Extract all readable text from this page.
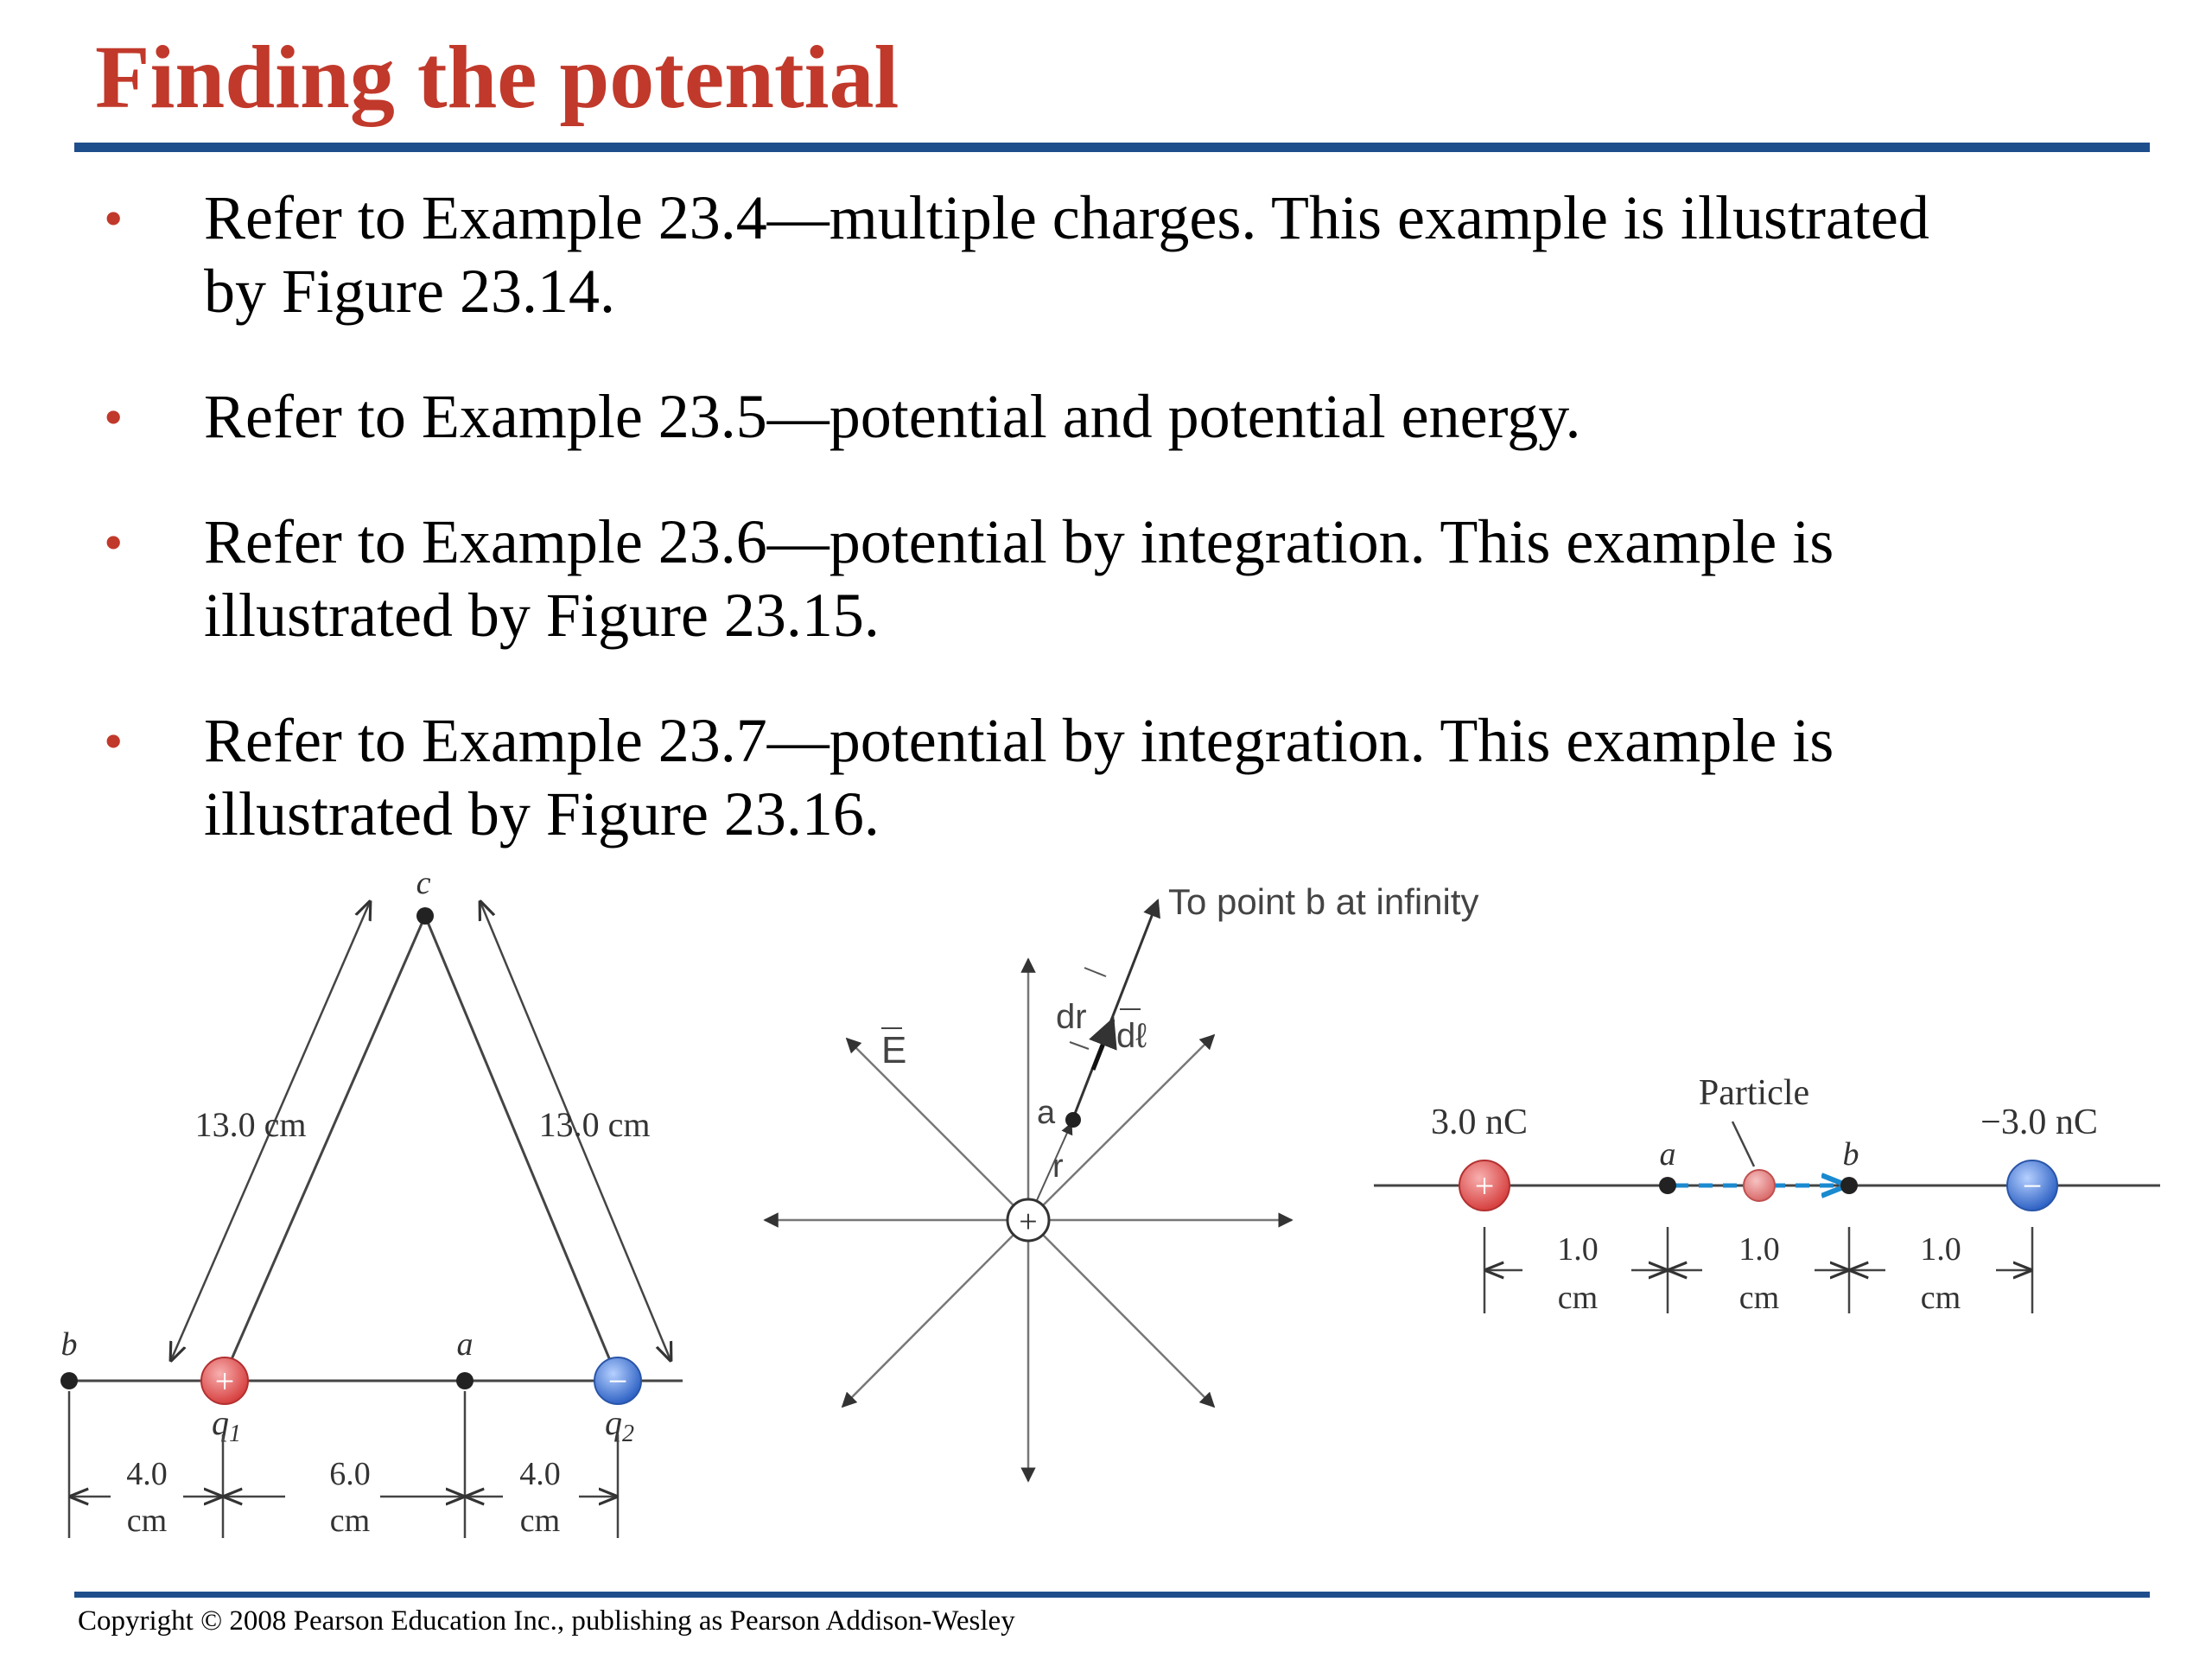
Finding the potential
• Refer to Example 23.4—multiple charges. This example is illustrated
by Figure 23.14.
• Refer to Example 23.5—potential and potential energy.
• Refer to Example 23.6—potential by integration. This example is
illustrated by Figure 23.15.
• Refer to Example 23.7—potential by integration. This example is
illustrated by Figure 23.16.
13.0 cm	13.0 cm
c
b	a
+
$q_1$
−
$q_2$
4.0
cm
6.0
cm
4.0
cm
To point b at infinity
E
dr dℓ
a
r
+
3.0 nC	−3.0 nC
Particle
a	b
+	−
1.0
cm
1.0
cm
1.0
cm
Copyright © 2008 Pearson Education Inc., publishing as Pearson Addison-Wesley
